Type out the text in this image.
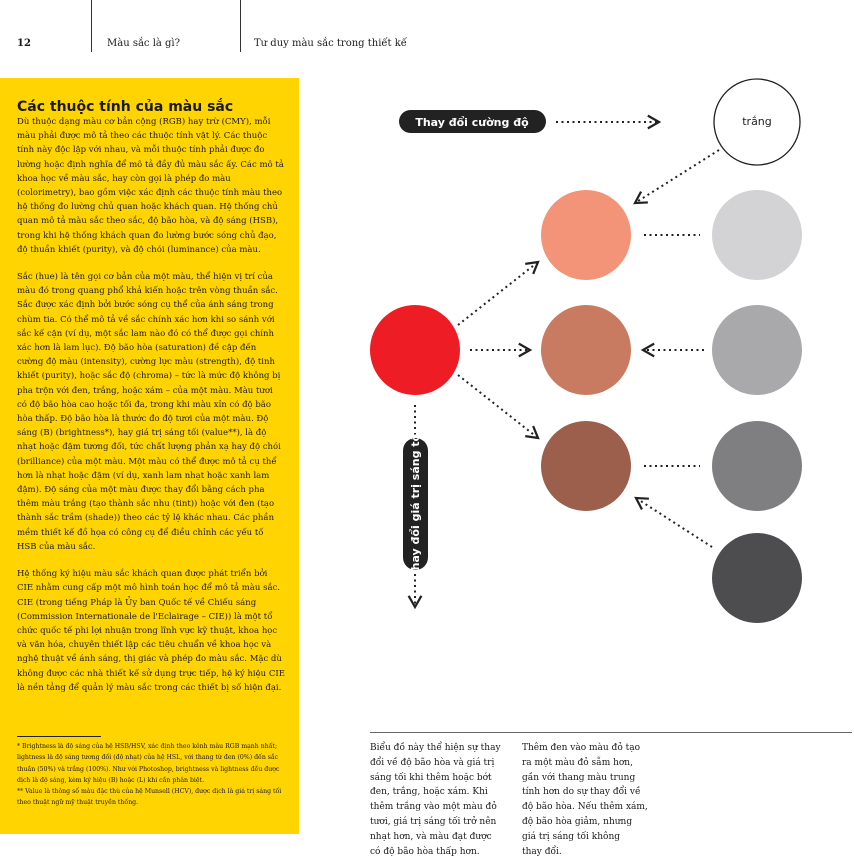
12	Màu sắc là gì?	Tư duy màu sắc trong thiết kế
Các thuộc tính của màu sắc

Dù thuộc dạng màu cơ bản cộng (RGB) hay trừ (CMY), mỗi màu phải được mô tả theo các thuộc tính vật lý. Các thuộc tính này độc lập với nhau, và mỗi thuộc tính phải được đo lường hoặc định nghĩa để mô tả đầy đủ màu sắc ấy. Các mô tả khoa học về màu sắc, hay còn gọi là phép đo màu (colorimetry), bao gồm việc xác định các thuộc tính màu theo hệ thống đo lường chủ quan hoặc khách quan. Hệ thống chủ quan mô tả màu sắc theo sắc, độ bão hòa, và độ sáng (HSB), trong khi hệ thống khách quan đo lường bước sóng chủ đạo, độ thuần khiết (purity), và độ chói (luminance) của màu.

Sắc (hue) là tên gọi cơ bản của một màu, thể hiện vị trí của màu đó trong quang phổ khả kiến hoặc trên vòng thuần sắc. Sắc được xác định bởi bước sóng cụ thể của ánh sáng trong chùm tia. Có thể mô tả về sắc chính xác hơn khi so sánh với sắc kế cận (ví dụ, một sắc lam nào đó có thể được gọi chính xác hơn là lam lục). Độ bão hòa (saturation) đề cập đến cường độ màu (intensity), cường lực màu (strength), độ tinh khiết (purity), hoặc sắc độ (chroma) – tức là mức độ không bị pha trộn với đen, trắng, hoặc xám – của một màu. Màu tươi có độ bão hòa cao hoặc tối đa, trong khi màu xỉn có độ bão hòa thấp. Độ bão hòa là thước đo độ tươi của một màu. Độ sáng (B) (brightness*), hay giá trị sáng tối (value**), là độ nhạt hoặc đậm tương đối, tức chất lượng phản xạ hay độ chói (brilliance) của một màu. Một màu có thể được mô tả cụ thể hơn là nhạt hoặc đậm (ví dụ, xanh lam nhạt hoặc xanh lam đậm). Độ sáng của một màu được thay đổi bằng cách pha thêm màu trắng (tạo thành sắc nhu (tint)) hoặc với đen (tạo thành sắc trầm (shade)) theo các tỷ lệ khác nhau. Các phần mềm thiết kế đồ họa có công cụ để điều chỉnh các yếu tố HSB của màu sắc.

Hệ thống ký hiệu màu sắc khách quan được phát triển bởi CIE nhằm cung cấp một mô hình toán học để mô tả màu sắc. CIE (trong tiếng Pháp là Ủy ban Quốc tế về Chiếu sáng (Commission Internationale de l'Eclairage – CIE)) là một tổ chức quốc tế phi lợi nhuận trong lĩnh vực kỹ thuật, khoa học và văn hóa, chuyên thiết lập các tiêu chuẩn về khoa học và nghệ thuật về ánh sáng, thị giác và phép đo màu sắc. Mặc dù không được các nhà thiết kế sử dụng trực tiếp, hệ ký hiệu CIE là nền tảng để quản lý màu sắc trong các thiết bị số hiện đại.

* Brightness là độ sáng của hệ HSB/HSV, xác định theo kênh màu RGB mạnh nhất; lightness là độ sáng tương đối (độ nhạt) của hệ HSL, với thang từ đen (0%) đến sắc thuần (50%) và trắng (100%). Như với Photoshop, brightness và lightness đều được dịch là độ sáng, kèm ký hiệu (B) hoặc (L) khi cần phân biệt.

** Value là thông số màu đặc thù của hệ Munsell (HCV), được dịch là giá trị sáng tối theo thuật ngữ mỹ thuật truyền thống.

Thay đổi cường độ	trắng
Thay đổi giá trị sáng tối
Biểu đồ này thể hiện sự thay
đổi về độ bão hòa và giá trị
sáng tối khi thêm hoặc bớt
đen, trắng, hoặc xám. Khi
thêm trắng vào một màu đỏ
tươi, giá trị sáng tối trở nên
nhạt hơn, và màu đạt được
có độ bão hòa thấp hơn.
Thêm đen vào màu đỏ tạo
ra một màu đỏ sẫm hơn,
gần với thang màu trung
tính hơn do sự thay đổi về
độ bão hòa. Nếu thêm xám,
độ bão hòa giảm, nhưng
giá trị sáng tối không
thay đổi.
